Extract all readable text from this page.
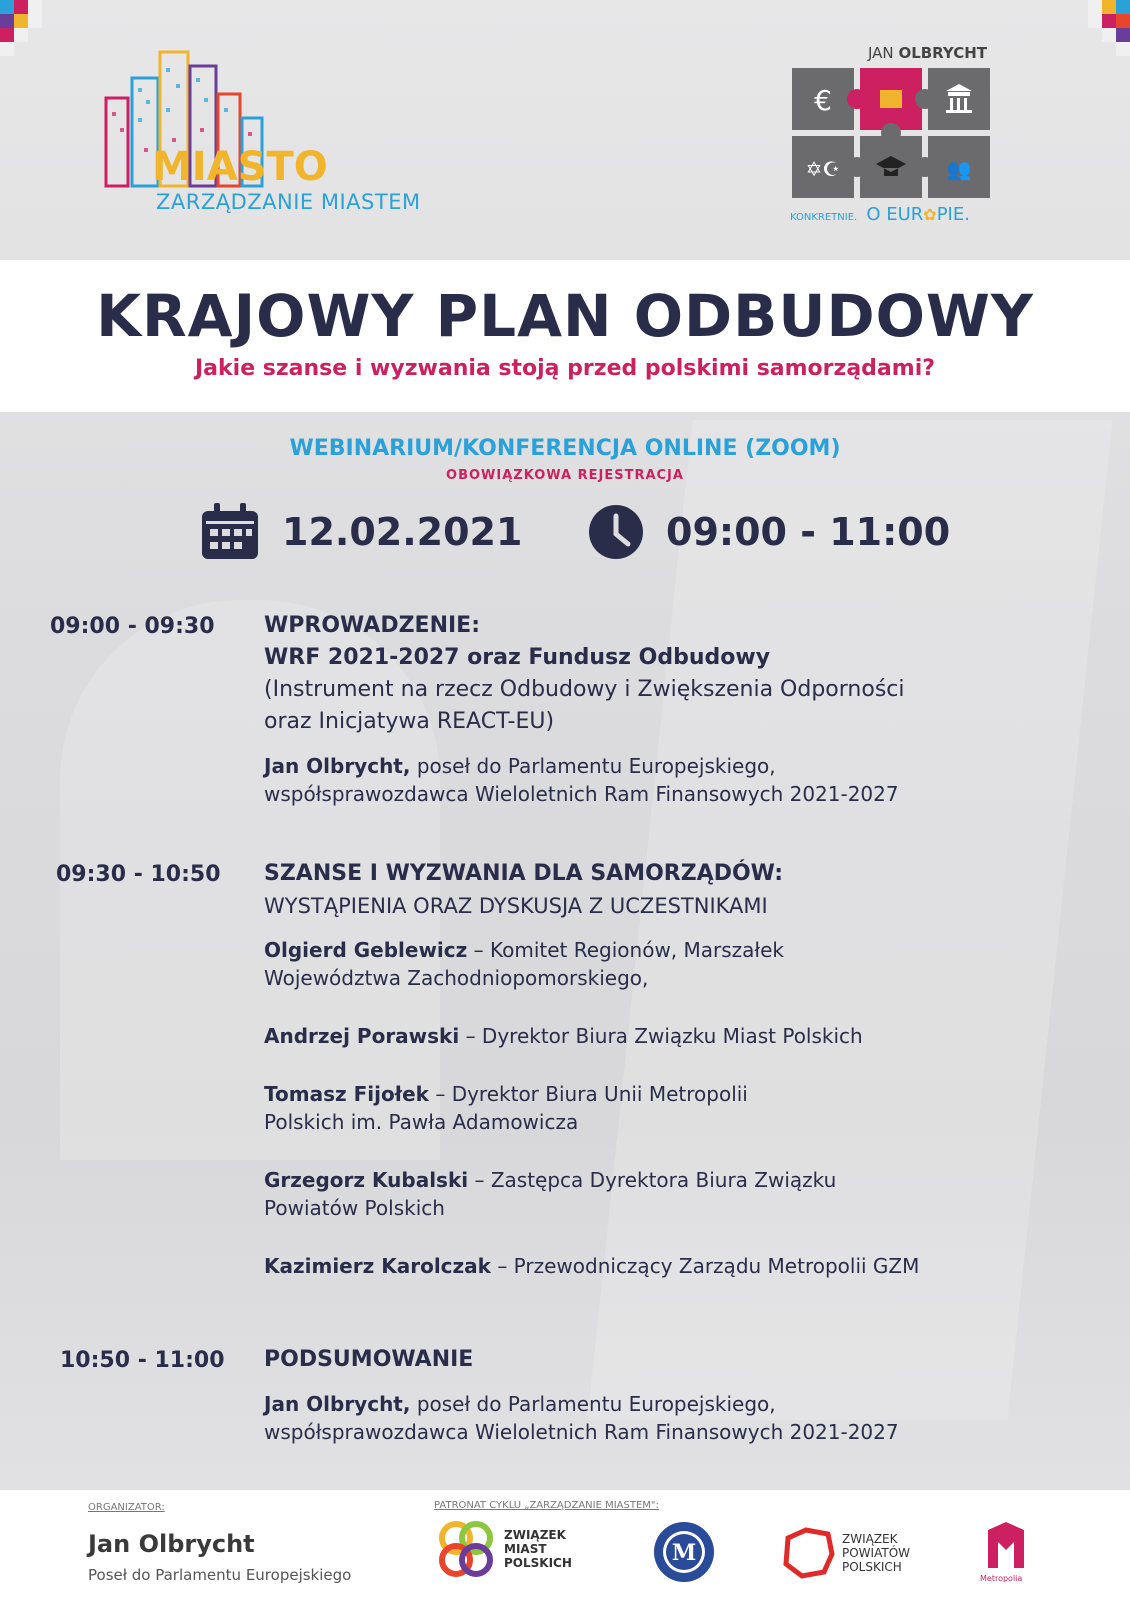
MIASTO
ZARZĄDZANIE MIASTEM
JAN OLBRYCHT
€
✡☪	👥
KONKRETNIE. O EUR✿PIE.
KRAJOWY PLAN ODBUDOWY
Jakie szanse i wyzwania stoją przed polskimi samorządami?
WEBINARIUM/KONFERENCJA ONLINE (ZOOM)
OBOWIĄZKOWA REJESTRACJA
12.02.2021	09:00 - 11:00
09:00 - 09:30	WPROWADZENIE:
WRF 2021-2027 oraz Fundusz Odbudowy
(Instrument na rzecz Odbudowy i Zwiększenia Odporności
oraz Inicjatywa REACT-EU)
Jan Olbrycht, poseł do Parlamentu Europejskiego,
współsprawozdawca Wieloletnich Ram Finansowych 2021-2027
09:30 - 10:50	SZANSE I WYZWANIA DLA SAMORZĄDÓW:
WYSTĄPIENIA ORAZ DYSKUSJA Z UCZESTNIKAMI
Olgierd Geblewicz – Komitet Regionów, Marszałek
Województwa Zachodniopomorskiego,
Andrzej Porawski – Dyrektor Biura Związku Miast Polskich
Tomasz Fijołek – Dyrektor Biura Unii Metropolii
Polskich im. Pawła Adamowicza
Grzegorz Kubalski – Zastępca Dyrektora Biura Związku
Powiatów Polskich
Kazimierz Karolczak – Przewodniczący Zarządu Metropolii GZM
10:50 - 11:00	PODSUMOWANIE
Jan Olbrycht, poseł do Parlamentu Europejskiego,
współsprawozdawca Wieloletnich Ram Finansowych 2021-2027
ORGANIZATOR:
Jan Olbrycht
Poseł do Parlamentu Europejskiego
PATRONAT CYKLU „ZARZĄDZANIE MIASTEM":
ZWIĄZEK
MIAST
POLSKICH	M
ZWIĄZEK
POWIATÓW
POLSKICH
Metropolia
